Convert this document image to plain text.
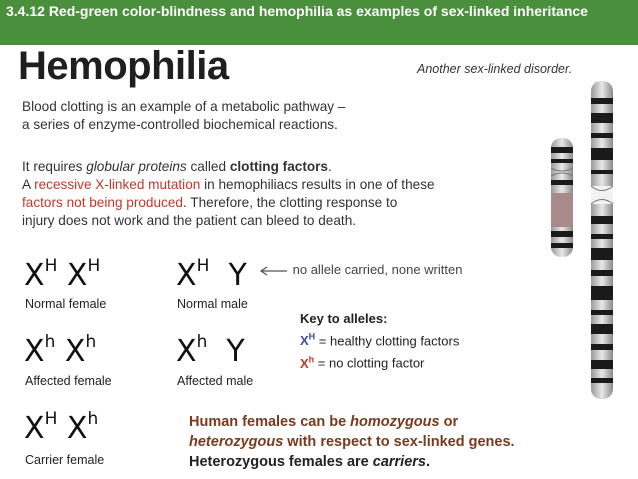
3.4.12 Red-green color-blindness and hemophilia as examples of sex-linked inheritance
Hemophilia	Another sex-linked disorder.
Blood clotting is an example of a metabolic pathway –
a series of enzyme-controlled biochemical reactions.
It requires globular proteins called clotting factors.
A recessive X-linked mutation in hemophiliacs results in one of these
factors not being produced. Therefore, the clotting response to
injury does not work and the patient can bleed to death.
$X^H$ $X^H$
Normal female
$X^H$ Y
Normal male
no allele carried, none written
$X^h$ $X^h$
Affected female
$X^h$ Y
Affected male
Key to alleles:
$X^H$ = healthy clotting factors
$X^h$ = no clotting factor
$X^H$ $X^h$
Carrier female
Human females can be homozygous or
heterozygous with respect to sex-linked genes.
Heterozygous females are carriers.
